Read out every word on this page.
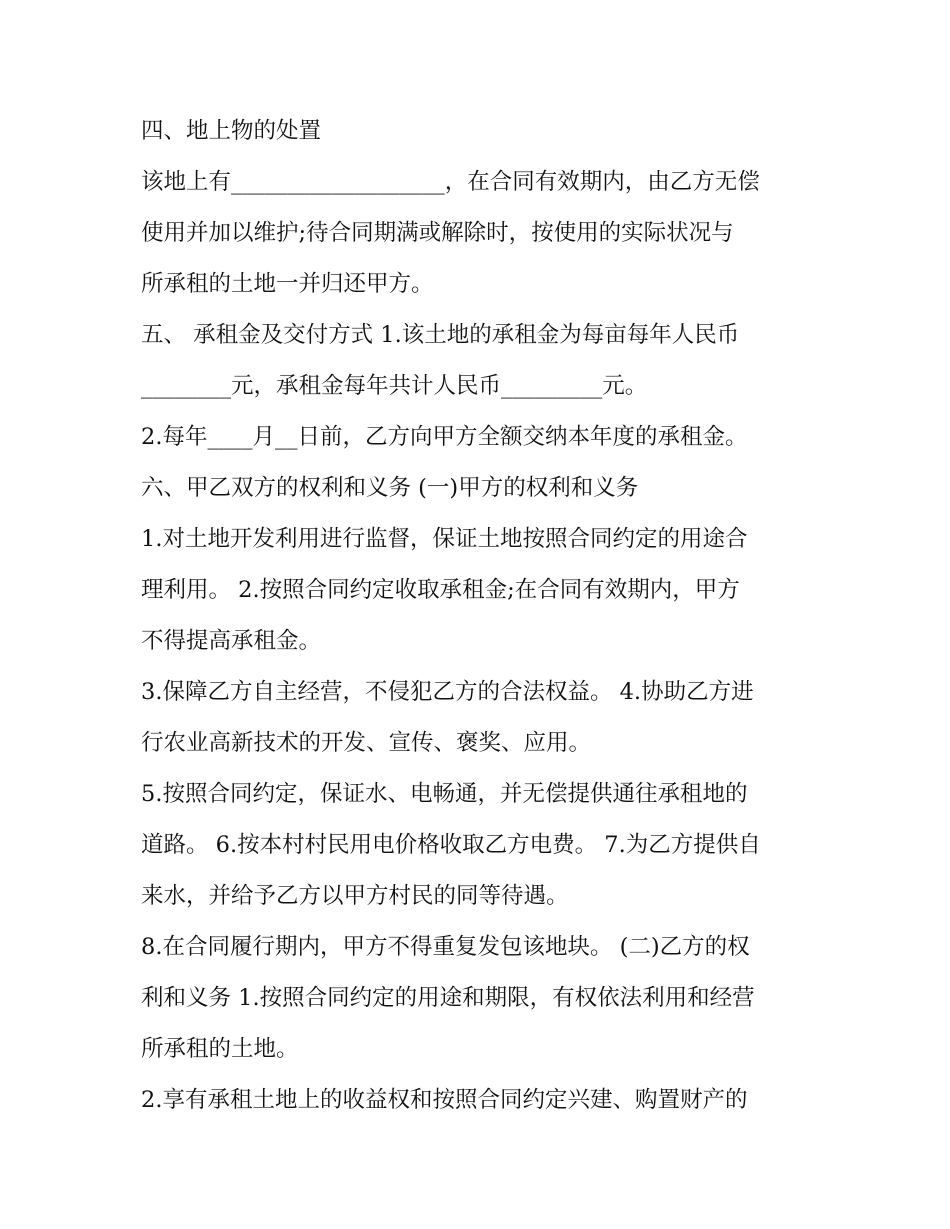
四、地上物的处置
该地上有___________________，在合同有效期内，由乙方无偿
使用并加以维护;待合同期满或解除时，按使用的实际状况与
所承租的土地一并归还甲方。
五、 承租金及交付方式 1.该土地的承租金为每亩每年人民币
________元，承租金每年共计人民币_________元。
2.每年____月__日前，乙方向甲方全额交纳本年度的承租金。
六、甲乙双方的权利和义务 (一)甲方的权利和义务
1.对土地开发利用进行监督，保证土地按照合同约定的用途合
理利用。 2.按照合同约定收取承租金;在合同有效期内，甲方
不得提高承租金。
3.保障乙方自主经营，不侵犯乙方的合法权益。 4.协助乙方进
行农业高新技术的开发、宣传、褒奖、应用。
5.按照合同约定，保证水、电畅通，并无偿提供通往承租地的
道路。 6.按本村村民用电价格收取乙方电费。 7.为乙方提供自
来水，并给予乙方以甲方村民的同等待遇。
8.在合同履行期内，甲方不得重复发包该地块。 (二)乙方的权
利和义务 1.按照合同约定的用途和期限，有权依法利用和经营
所承租的土地。
2.享有承租土地上的收益权和按照合同约定兴建、购置财产的
